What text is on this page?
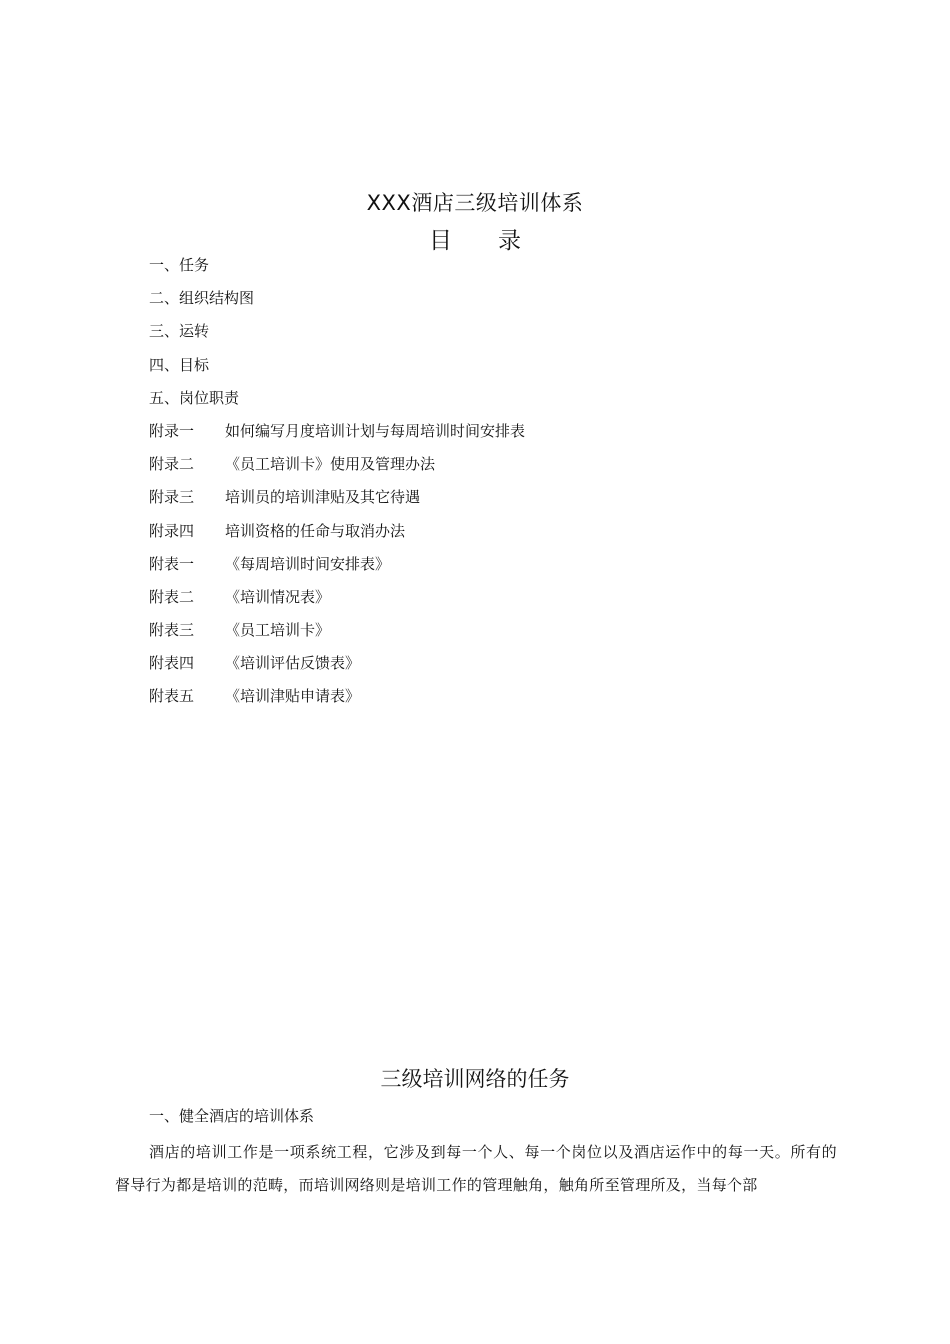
XXX酒店三级培训体系
目 录
一、任务
二、组织结构图
三、运转
四、目标
五、岗位职责
附录一 如何编写月度培训计划与每周培训时间安排表
附录二 《员工培训卡》使用及管理办法
附录三 培训员的培训津贴及其它待遇
附录四 培训资格的任命与取消办法
附表一 《每周培训时间安排表》
附表二 《培训情况表》
附表三 《员工培训卡》
附表四 《培训评估反馈表》
附表五 《培训津贴申请表》
三级培训网络的任务
一、健全酒店的培训体系

酒店的培训工作是一项系统工程，它涉及到每一个人、每一个岗位以及酒店运作中的每一天。所有的督导行为都是培训的范畴，而培训网络则是培训工作的管理触角，触角所至管理所及，当每个部
